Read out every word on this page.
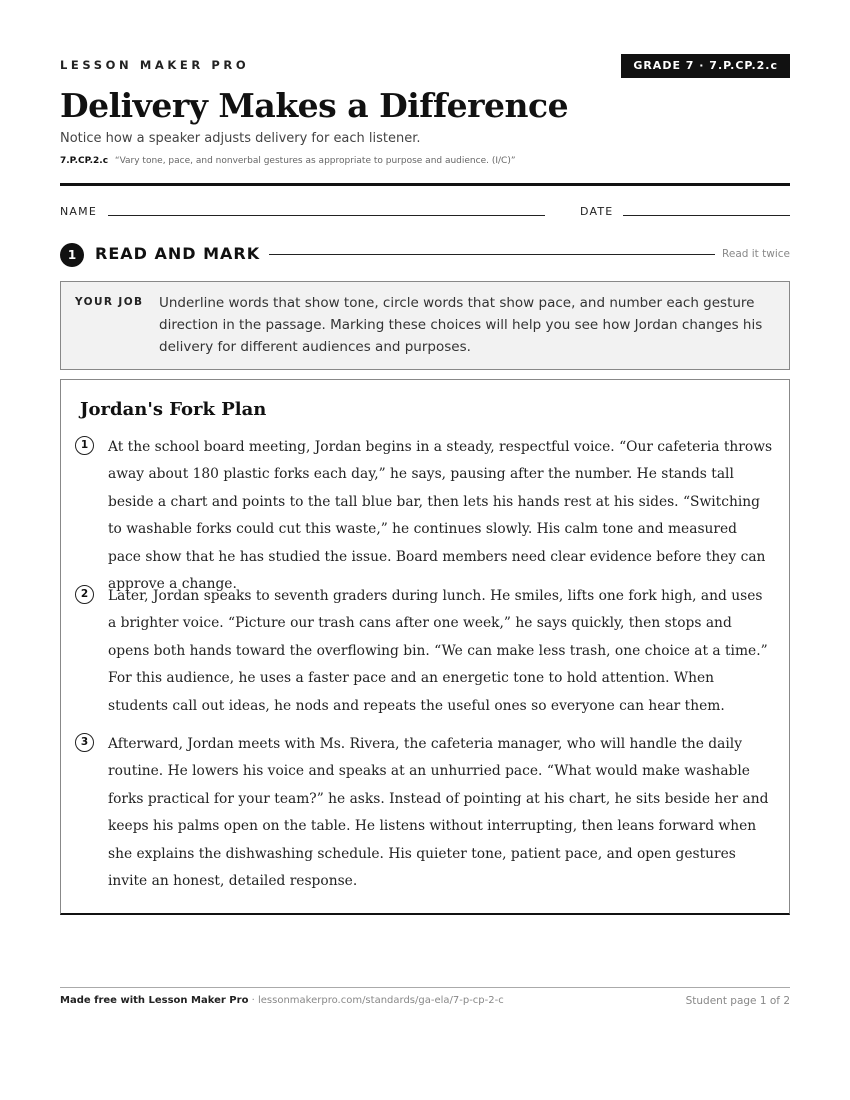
LESSON MAKER PRO	GRADE 7 · 7.P.CP.2.c
Delivery Makes a Difference
Notice how a speaker adjusts delivery for each listener.
7.P.CP.2.c “Vary tone, pace, and nonverbal gestures as appropriate to purpose and audience. (I/C)”
NAME	DATE
1	READ AND MARK	Read it twice
YOUR JOB Underline words that show tone, circle words that show pace, and number each gesture direction in the passage. Marking these choices will help you see how Jordan changes his delivery for different audiences and purposes.
Jordan's Fork Plan
1	At the school board meeting, Jordan begins in a steady, respectful voice. “Our cafeteria throws away about 180 plastic forks each day,” he says, pausing after the number. He stands tall beside a chart and points to the tall blue bar, then lets his hands rest at his sides. “Switching to washable forks could cut this waste,” he continues slowly. His calm tone and measured pace show that he has studied the issue. Board members need clear evidence before they can approve a change.
2	Later, Jordan speaks to seventh graders during lunch. He smiles, lifts one fork high, and uses a brighter voice. “Picture our trash cans after one week,” he says quickly, then stops and opens both hands toward the overflowing bin. “We can make less trash, one choice at a time.” For this audience, he uses a faster pace and an energetic tone to hold attention. When students call out ideas, he nods and repeats the useful ones so everyone can hear them.
3	Afterward, Jordan meets with Ms. Rivera, the cafeteria manager, who will handle the daily routine. He lowers his voice and speaks at an unhurried pace. “What would make washable forks practical for your team?” he asks. Instead of pointing at his chart, he sits beside her and keeps his palms open on the table. He listens without interrupting, then leans forward when she explains the dishwashing schedule. His quieter tone, patient pace, and open gestures invite an honest, detailed response.
Made free with Lesson Maker Pro · lessonmakerpro.com/standards/ga-ela/7-p-cp-2-c	Student page 1 of 2
